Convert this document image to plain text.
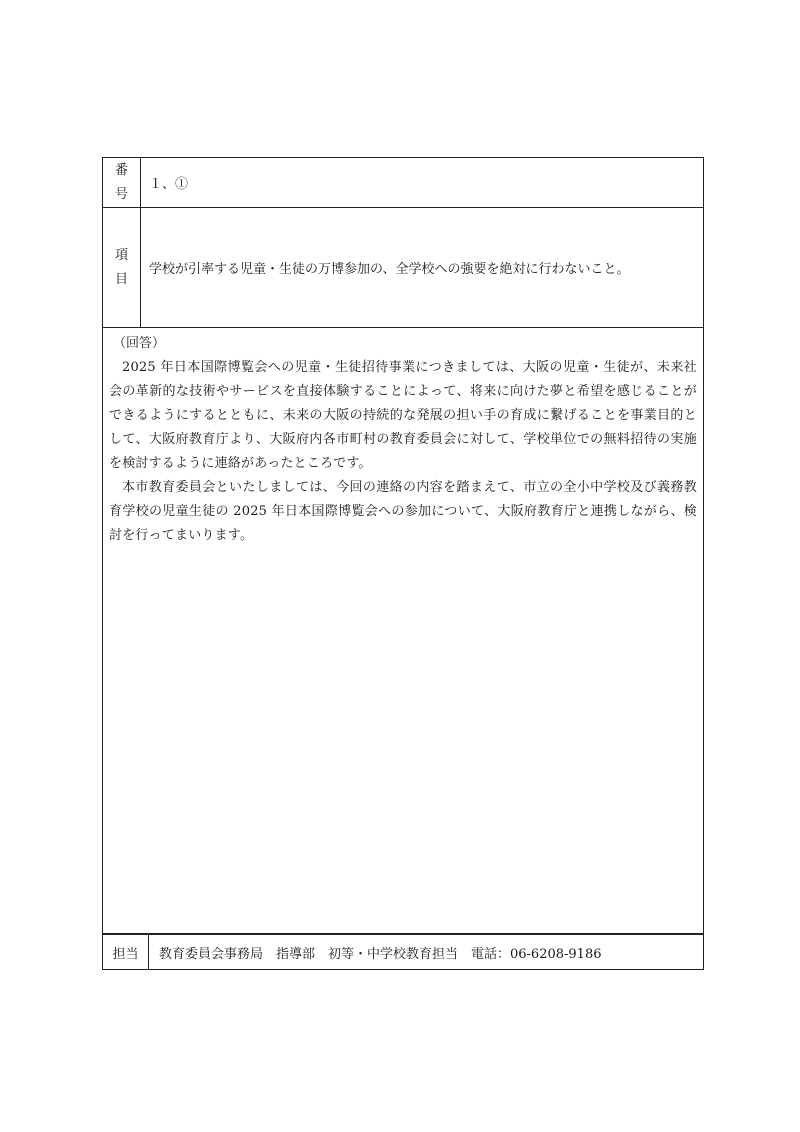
番
号
１、①
項
目
学校が引率する児童・生徒の万博参加の、全学校への強要を絶対に行わないこと。
（回答）

2025 年日本国際博覧会への児童・生徒招待事業につきましては、大阪の児童・生徒が、未来社会の革新的な技術やサービスを直接体験することによって、将来に向けた夢と希望を感じることができるようにするとともに、未来の大阪の持続的な発展の担い手の育成に繋げることを事業目的として、大阪府教育庁より、大阪府内各市町村の教育委員会に対して、学校単位での無料招待の実施を検討するように連絡があったところです。

本市教育委員会といたしましては、今回の連絡の内容を踏まえて、市立の全小中学校及び義務教育学校の児童生徒の 2025 年日本国際博覧会への参加について、大阪府教育庁と連携しながら、検討を行ってまいります。

担当	教育委員会事務局　指導部　初等・中学校教育担当　電話：06-6208-9186
